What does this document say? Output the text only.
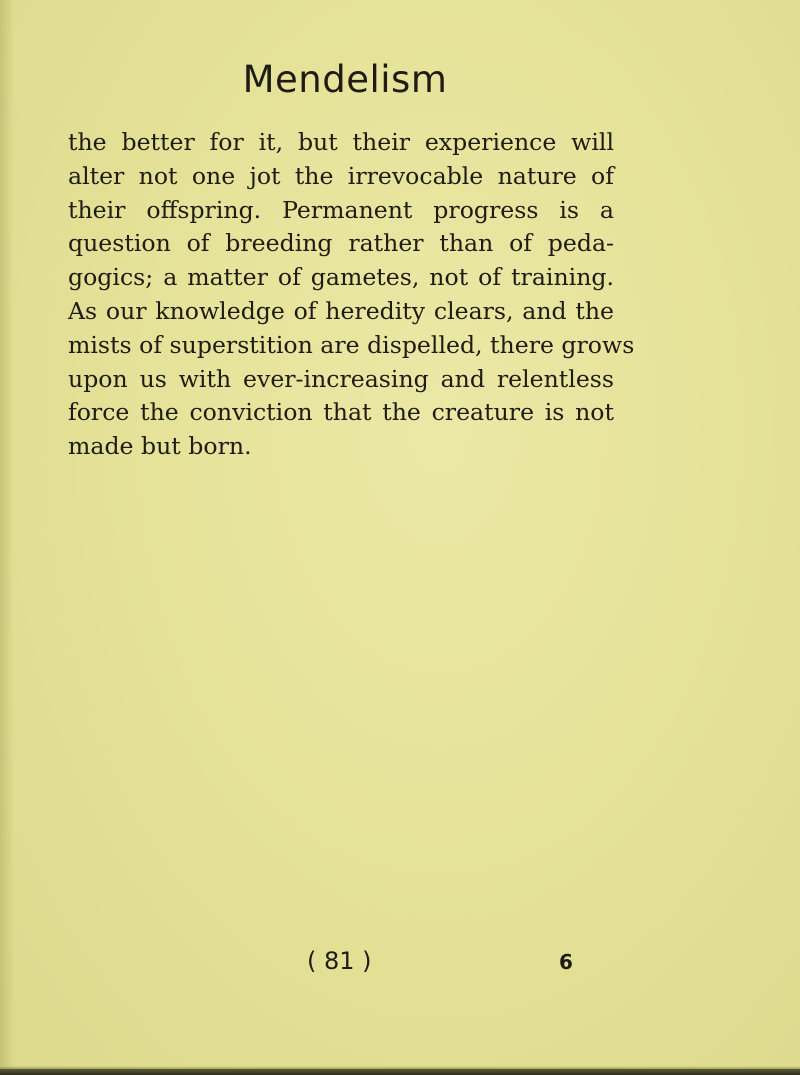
Mendelism

the better for it, but their experience will
alter not one jot the irrevocable nature of
their offspring. Permanent progress is a
question of breeding rather than of peda-
gogics; a matter of gametes, not of training.
As our knowledge of heredity clears, and the
mists of superstition are dispelled, there grows
upon us with ever-increasing and relentless
force the conviction that the creature is not
made but born.

( 81 )	6
